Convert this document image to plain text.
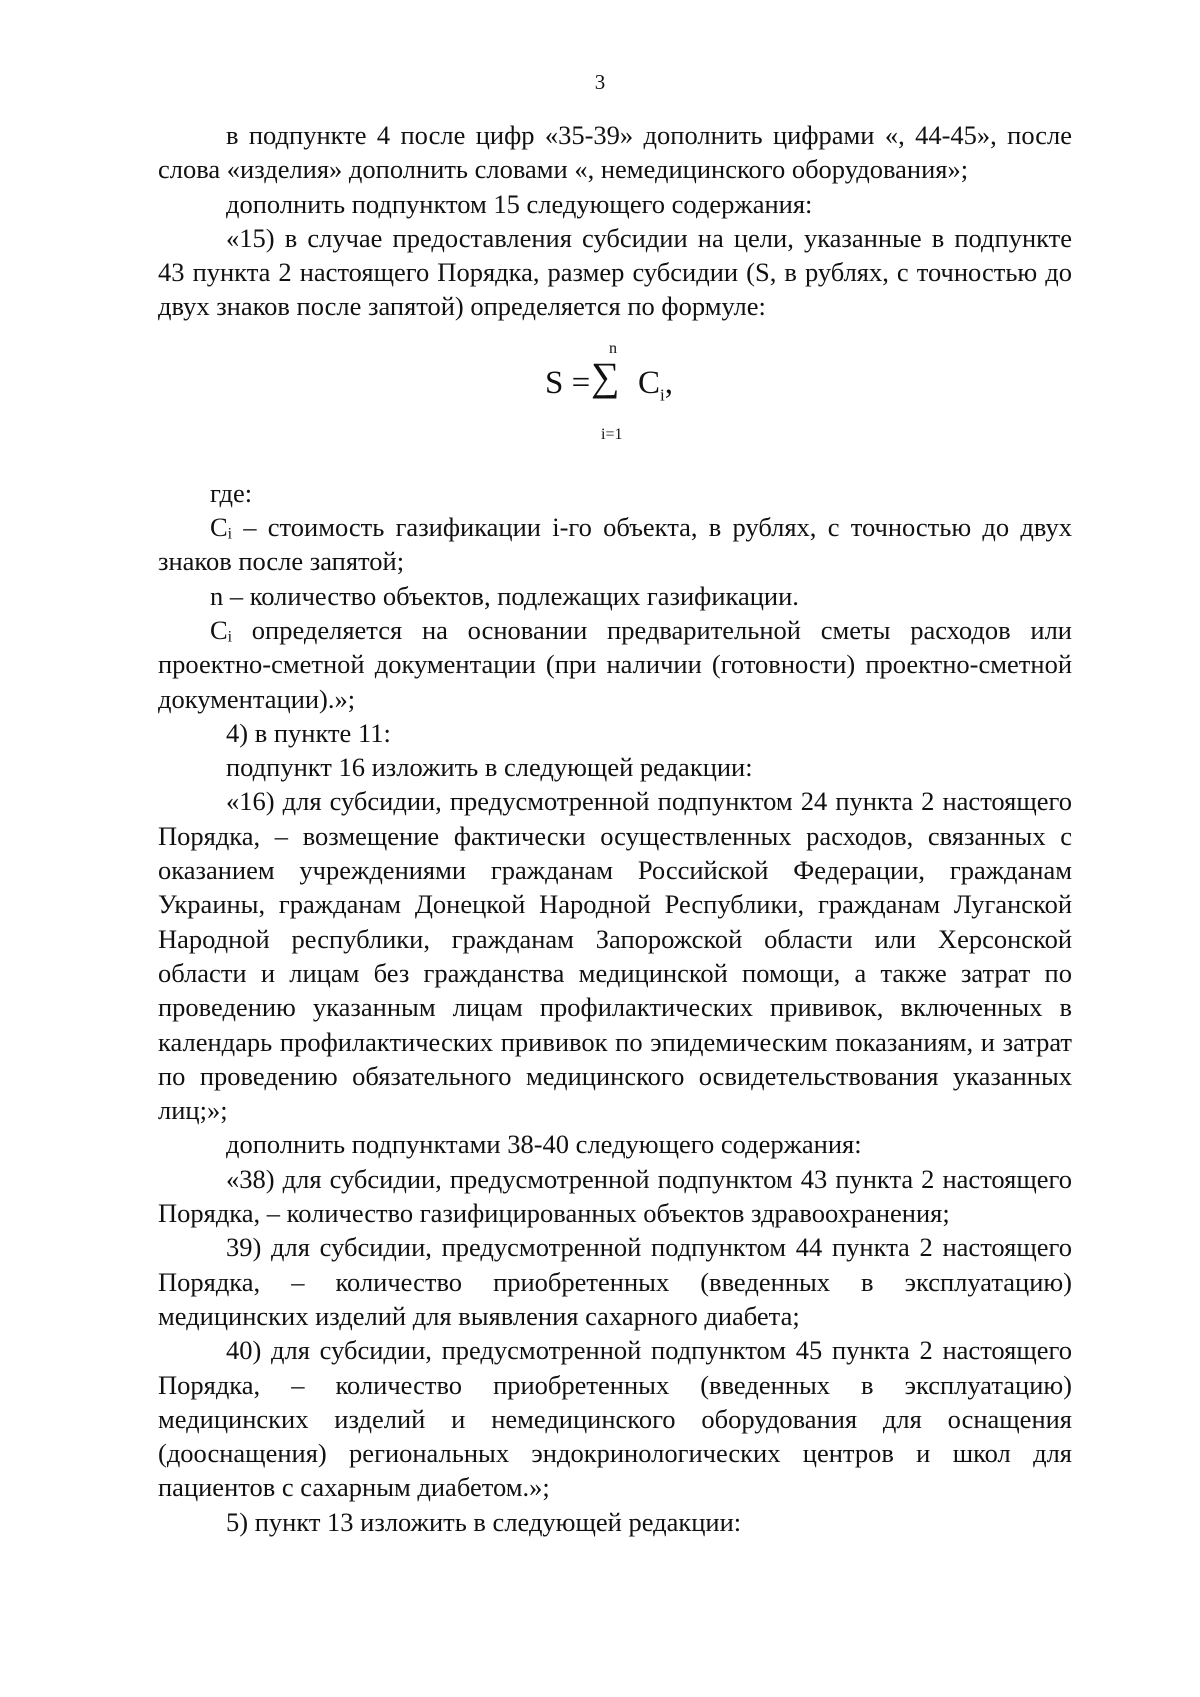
3

в подпункте 4 после цифр «35-39» дополнить цифрами «, 44-45», после слова «изделия» дополнить словами «, немедицинского оборудования»;

дополнить подпунктом 15 следующего содержания:

«15) в случае предоставления субсидии на цели, указанные в подпункте 43 пункта 2 настоящего Порядка, размер субсидии (S, в рублях, с точностью до двух знаков после запятой) определяется по формуле:

S =
n
∑
i=1
$C_i$,

где:

Cᵢ – стоимость газификации i-го объекта, в рублях, с точностью до двух знаков после запятой;

n – количество объектов, подлежащих газификации.

Cᵢ определяется на основании предварительной сметы расходов или проектно-сметной документации (при наличии (готовности) проектно-сметной документации).»;

4) в пункте 11:

подпункт 16 изложить в следующей редакции:

«16) для субсидии, предусмотренной подпунктом 24 пункта 2 настоящего Порядка, – возмещение фактически осуществленных расходов, связанных с оказанием учреждениями гражданам Российской Федерации, гражданам Украины, гражданам Донецкой Народной Республики, гражданам Луганской Народной республики, гражданам Запорожской области или Херсонской области и лицам без гражданства медицинской помощи, а также затрат по проведению указанным лицам профилактических прививок, включенных в календарь профилактических прививок по эпидемическим показаниям, и затрат по проведению обязательного медицинского освидетельствования указанных лиц;»;

дополнить подпунктами 38-40 следующего содержания:

«38) для субсидии, предусмотренной подпунктом 43 пункта 2 настоящего Порядка, – количество газифицированных объектов здравоохранения;

39) для субсидии, предусмотренной подпунктом 44 пункта 2 настоящего Порядка, – количество приобретенных (введенных в эксплуатацию) медицинских изделий для выявления сахарного диабета;

40) для субсидии, предусмотренной подпунктом 45 пункта 2 настоящего Порядка, – количество приобретенных (введенных в эксплуатацию) медицинских изделий и немедицинского оборудования для оснащения (дооснащения) региональных эндокринологических центров и школ для пациентов с сахарным диабетом.»;

5) пункт 13 изложить в следующей редакции:
